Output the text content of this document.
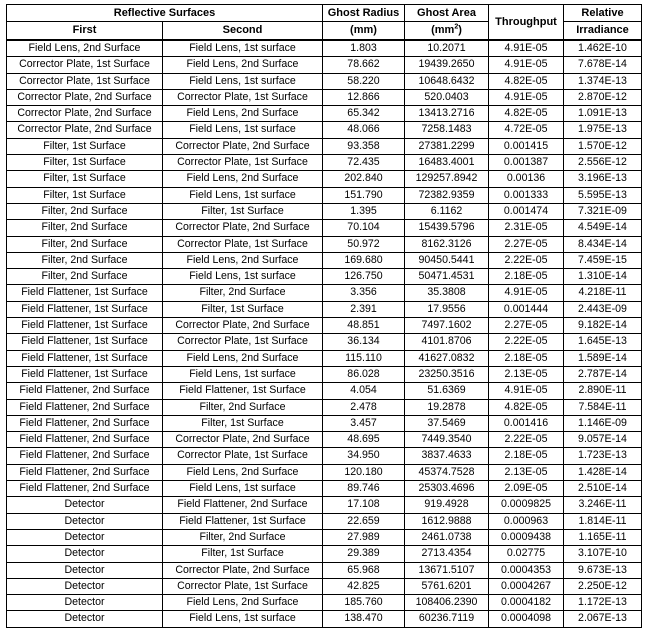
Reflective Surfaces		Ghost Radius	Ghost Area	Throughput	Relative
First	Second	(mm)	$(mm^2)$		Irradiance
Field Lens, 2nd Surface	Field Lens, 1st surface	1.803	10.2071	4.91E-05	1.462E-10
Corrector Plate, 1st Surface	Field Lens, 2nd Surface	78.662	19439.2650	4.91E-05	7.678E-14
Corrector Plate, 1st Surface	Field Lens, 1st surface	58.220	10648.6432	4.82E-05	1.374E-13
Corrector Plate, 2nd Surface	Corrector Plate, 1st Surface	12.866	520.0403	4.91E-05	2.870E-12
Corrector Plate, 2nd Surface	Field Lens, 2nd Surface	65.342	13413.2716	4.82E-05	1.091E-13
Corrector Plate, 2nd Surface	Field Lens, 1st surface	48.066	7258.1483	4.72E-05	1.975E-13
Filter, 1st Surface	Corrector Plate, 2nd Surface	93.358	27381.2299	0.001415	1.570E-12
Filter, 1st Surface	Corrector Plate, 1st Surface	72.435	16483.4001	0.001387	2.556E-12
Filter, 1st Surface	Field Lens, 2nd Surface	202.840	129257.8942	0.00136	3.196E-13
Filter, 1st Surface	Field Lens, 1st surface	151.790	72382.9359	0.001333	5.595E-13
Filter, 2nd Surface	Filter, 1st Surface	1.395	6.1162	0.001474	7.321E-09
Filter, 2nd Surface	Corrector Plate, 2nd Surface	70.104	15439.5796	2.31E-05	4.549E-14
Filter, 2nd Surface	Corrector Plate, 1st Surface	50.972	8162.3126	2.27E-05	8.434E-14
Filter, 2nd Surface	Field Lens, 2nd Surface	169.680	90450.5441	2.22E-05	7.459E-15
Filter, 2nd Surface	Field Lens, 1st surface	126.750	50471.4531	2.18E-05	1.310E-14
Field Flattener, 1st Surface	Filter, 2nd Surface	3.356	35.3808	4.91E-05	4.218E-11
Field Flattener, 1st Surface	Filter, 1st Surface	2.391	17.9556	0.001444	2.443E-09
Field Flattener, 1st Surface	Corrector Plate, 2nd Surface	48.851	7497.1602	2.27E-05	9.182E-14
Field Flattener, 1st Surface	Corrector Plate, 1st Surface	36.134	4101.8706	2.22E-05	1.645E-13
Field Flattener, 1st Surface	Field Lens, 2nd Surface	115.110	41627.0832	2.18E-05	1.589E-14
Field Flattener, 1st Surface	Field Lens, 1st surface	86.028	23250.3516	2.13E-05	2.787E-14
Field Flattener, 2nd Surface	Field Flattener, 1st Surface	4.054	51.6369	4.91E-05	2.890E-11
Field Flattener, 2nd Surface	Filter, 2nd Surface	2.478	19.2878	4.82E-05	7.584E-11
Field Flattener, 2nd Surface	Filter, 1st Surface	3.457	37.5469	0.001416	1.146E-09
Field Flattener, 2nd Surface	Corrector Plate, 2nd Surface	48.695	7449.3540	2.22E-05	9.057E-14
Field Flattener, 2nd Surface	Corrector Plate, 1st Surface	34.950	3837.4633	2.18E-05	1.723E-13
Field Flattener, 2nd Surface	Field Lens, 2nd Surface	120.180	45374.7528	2.13E-05	1.428E-14
Field Flattener, 2nd Surface	Field Lens, 1st surface	89.746	25303.4696	2.09E-05	2.510E-14
Detector	Field Flattener, 2nd Surface	17.108	919.4928	0.0009825	3.246E-11
Detector	Field Flattener, 1st Surface	22.659	1612.9888	0.000963	1.814E-11
Detector	Filter, 2nd Surface	27.989	2461.0738	0.0009438	1.165E-11
Detector	Filter, 1st Surface	29.389	2713.4354	0.02775	3.107E-10
Detector	Corrector Plate, 2nd Surface	65.968	13671.5107	0.0004353	9.673E-13
Detector	Corrector Plate, 1st Surface	42.825	5761.6201	0.0004267	2.250E-12
Detector	Field Lens, 2nd Surface	185.760	108406.2390	0.0004182	1.172E-13
Detector	Field Lens, 1st surface	138.470	60236.7119	0.0004098	2.067E-13
